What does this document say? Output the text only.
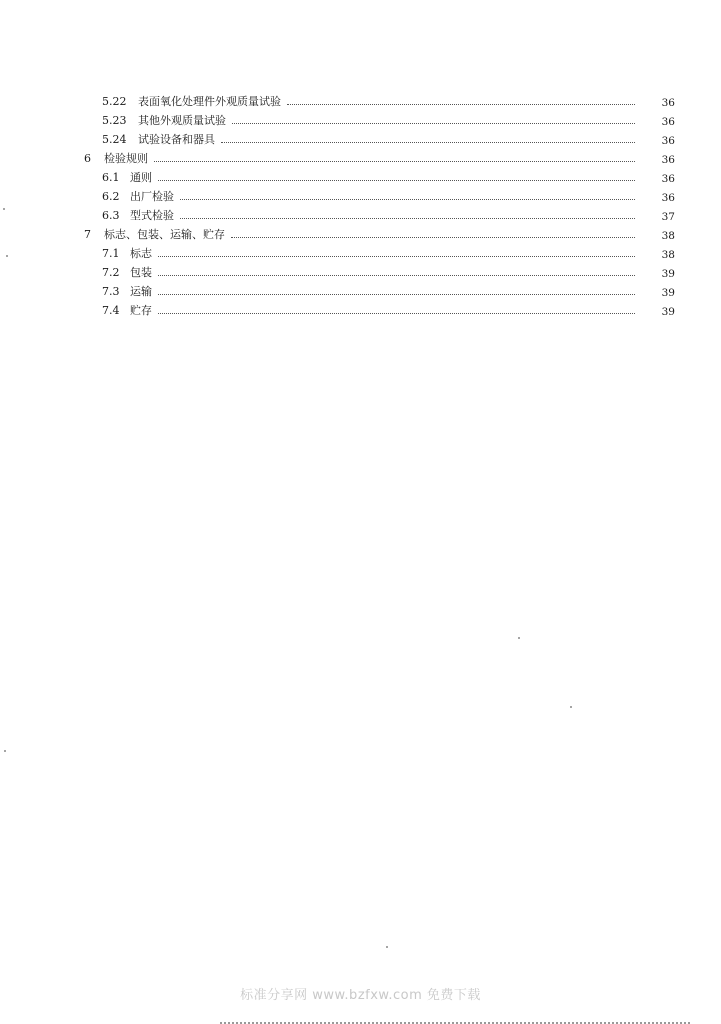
5.22 表面氧化处理件外观质量试验	36
5.23 其他外观质量试验	36
5.24 试验设备和器具	36
6 检验规则	36
6.1 通则	36
6.2 出厂检验	36
6.3 型式检验	37
7 标志、包装、运输、贮存	38
7.1 标志	38
7.2 包装	39
7.3 运输	39
7.4 贮存	39
标准分享网 www.bzfxw.com 免费下载
